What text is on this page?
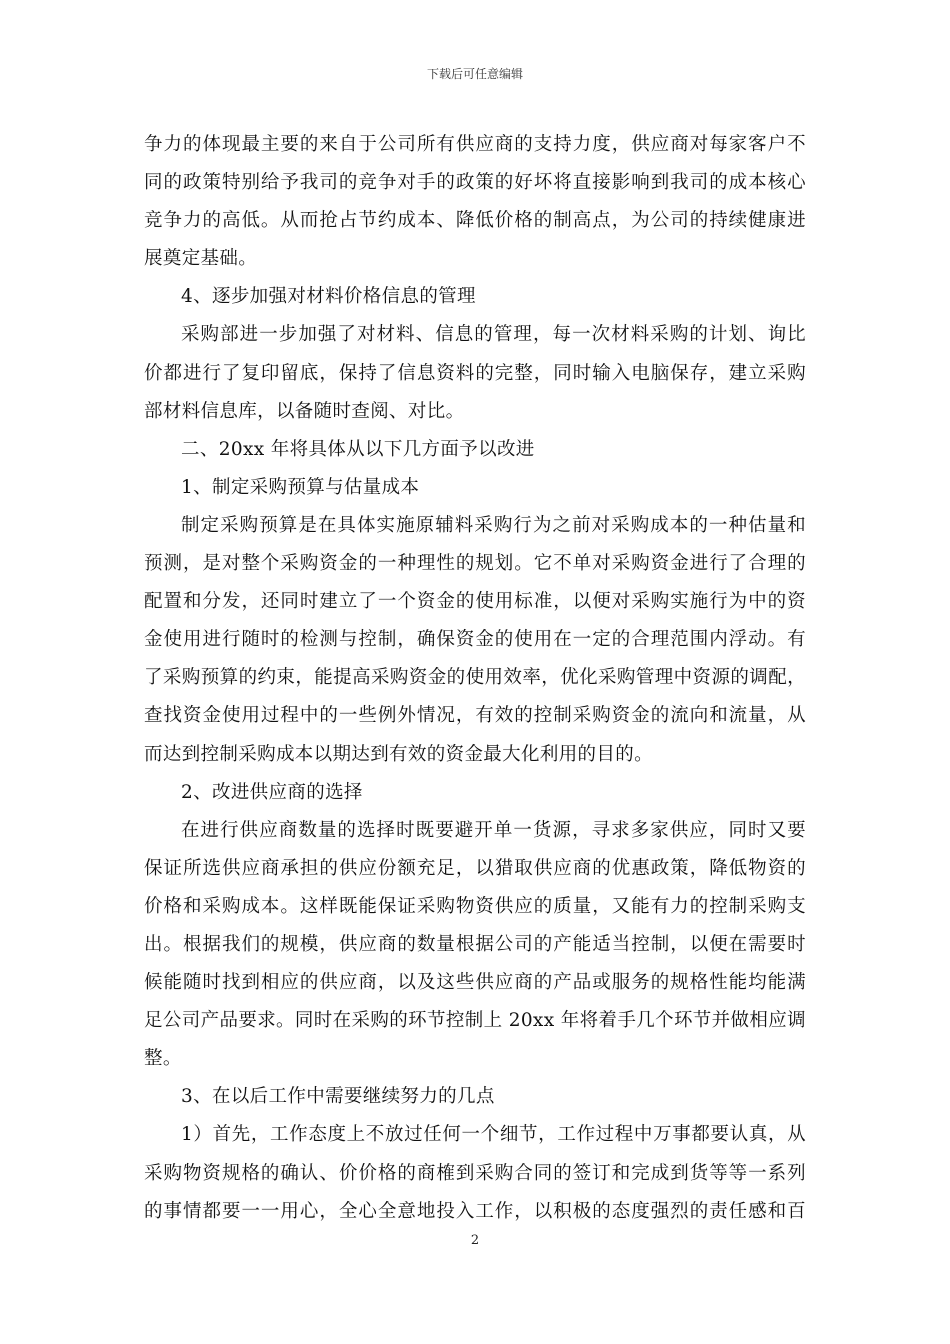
下载后可任意编辑
争力的体现最主要的来自于公司所有供应商的支持力度，供应商对每家客户不
同的政策特别给予我司的竞争对手的政策的好坏将直接影响到我司的成本核心
竞争力的高低。从而抢占节约成本、降低价格的制高点，为公司的持续健康进
展奠定基础。
4、逐步加强对材料价格信息的管理
采购部进一步加强了对材料、信息的管理，每一次材料采购的计划、询比
价都进行了复印留底，保持了信息资料的完整，同时输入电脑保存，建立采购
部材料信息库，以备随时查阅、对比。
二、20xx 年将具体从以下几方面予以改进
1、制定采购预算与估量成本
制定采购预算是在具体实施原辅料采购行为之前对采购成本的一种估量和
预测，是对整个采购资金的一种理性的规划。它不单对采购资金进行了合理的
配置和分发，还同时建立了一个资金的使用标准，以便对采购实施行为中的资
金使用进行随时的检测与控制，确保资金的使用在一定的合理范围内浮动。有
了采购预算的约束，能提高采购资金的使用效率，优化采购管理中资源的调配，
查找资金使用过程中的一些例外情况，有效的控制采购资金的流向和流量，从
而达到控制采购成本以期达到有效的资金最大化利用的目的。
2、改进供应商的选择
在进行供应商数量的选择时既要避开单一货源，寻求多家供应，同时又要
保证所选供应商承担的供应份额充足，以猎取供应商的优惠政策，降低物资的
价格和采购成本。这样既能保证采购物资供应的质量，又能有力的控制采购支
出。根据我们的规模，供应商的数量根据公司的产能适当控制，以便在需要时
候能随时找到相应的供应商，以及这些供应商的产品或服务的规格性能均能满
足公司产品要求。同时在采购的环节控制上 20xx 年将着手几个环节并做相应调
整。
3、在以后工作中需要继续努力的几点
1）首先，工作态度上不放过任何一个细节，工作过程中万事都要认真，从
采购物资规格的确认、价价格的商榷到采购合同的签订和完成到货等等一系列
的事情都要一一用心，全心全意地投入工作，以积极的态度强烈的责任感和百
2
